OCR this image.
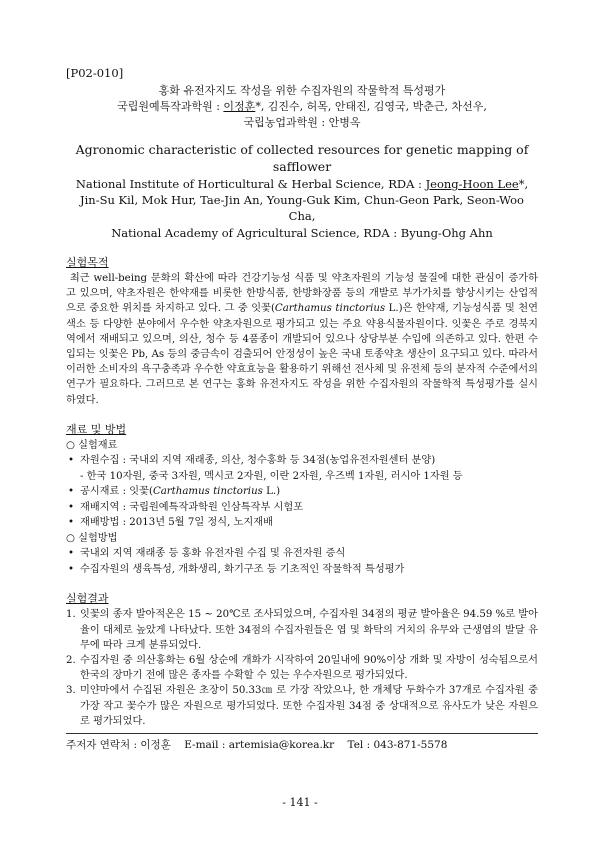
[P02-010]
홍화 유전자지도 작성을 위한 수집자원의 작물학적 특성평가
국립원예특작과학원 : 이정훈*, 김진수, 허목, 안태진, 김영국, 박춘근, 차선우,
국립농업과학원 : 안병옥
Agronomic characteristic of collected resources for genetic mapping of safflower
National Institute of Horticultural & Herbal Science, RDA : Jeong-Hoon Lee*, Jin-Su Kil, Mok Hur, Tae-Jin An, Young-Guk Kim, Chun-Geon Park, Seon-Woo Cha,
National Academy of Agricultural Science, RDA : Byung-Ohg Ahn
실험목적
최근 well-being 문화의 확산에 따라 건강기능성 식품 및 약초자원의 기능성 물질에 대한 관심이 증가하고 있으며, 약초자원은 한약재를 비롯한 한방식품, 한방화장품 등의 개발로 부가가치를 향상시키는 산업적으로 중요한 위치를 차지하고 있다. 그 중 잇꽃(Carthamus tinctorius L.)은 한약재, 기능성식품 및 천연색소 등 다양한 분야에서 우수한 약초자원으로 평가되고 있는 주요 약용식물자원이다. 잇꽃은 주로 경북지역에서 재배되고 있으며, 의산, 청수 등 4품종이 개발되어 있으나 상당부분 수입에 의존하고 있다. 한편 수입되는 잇꽃은 Pb, As 등의 중금속이 검출되어 안정성이 높은 국내 토종약초 생산이 요구되고 있다. 따라서 이러한 소비자의 욕구충족과 우수한 약효효능을 활용하기 위해선 전사체 및 유전체 등의 분자적 수준에서의 연구가 필요하다. 그러므로 본 연구는 홍화 유전자지도 작성을 위한 수집자원의 작물학적 특성평가를 실시하였다.
재료 및 방법
○ 실험재료
• 자원수집 : 국내외 지역 재래종, 의산, 청수홍화 등 34점(농업유전자원센터 분양)
- 한국 10자원, 중국 3자원, 멕시코 2자원, 이란 2자원, 우즈벡 1자원, 러시아 1자원 등
• 공시재료 : 잇꽃(Carthamus tinctorius L.)
• 재배지역 : 국립원예특작과학원 인삼특작부 시험포
• 재배방법 : 2013년 5월 7일 정식, 노지재배
○ 실험방법
• 국내외 지역 재래종 등 홍화 유전자원 수집 및 유전자원 증식
• 수집자원의 생육특성, 개화생리, 화기구조 등 기초적인 작물학적 특성평가
실험결과
1. 잇꽃의 종자 발아적온은 15 ~ 20℃로 조사되었으며, 수집자원 34점의 평균 발아율은 94.59 %로 발아율이 대체로 높았게 나타났다. 또한 34점의 수집자원들은 엽 및 화탁의 거치의 유무와 근생엽의 발달 유무에 따라 크게 분류되었다.
2. 수집자원 중 의산홍화는 6월 상순에 개화가 시작하여 20일내에 90%이상 개화 및 자방이 성숙됨으로서 한국의 장마기 전에 많은 종자를 수확할 수 있는 우수자원으로 평가되었다.
3. 미얀마에서 수집된 자원은 초장이 50.33㎝ 로 가장 작았으나, 한 개체당 두화수가 37개로 수집자원 중 가장 작고 꽃수가 많은 자원으로 평가되었다. 또한 수집자원 34점 중 상대적으로 유사도가 낮은 자원으로 평가되었다.
주저자 연락처 : 이정훈 E-mail : artemisia@korea.kr Tel : 043-871-5578
- 141 -
